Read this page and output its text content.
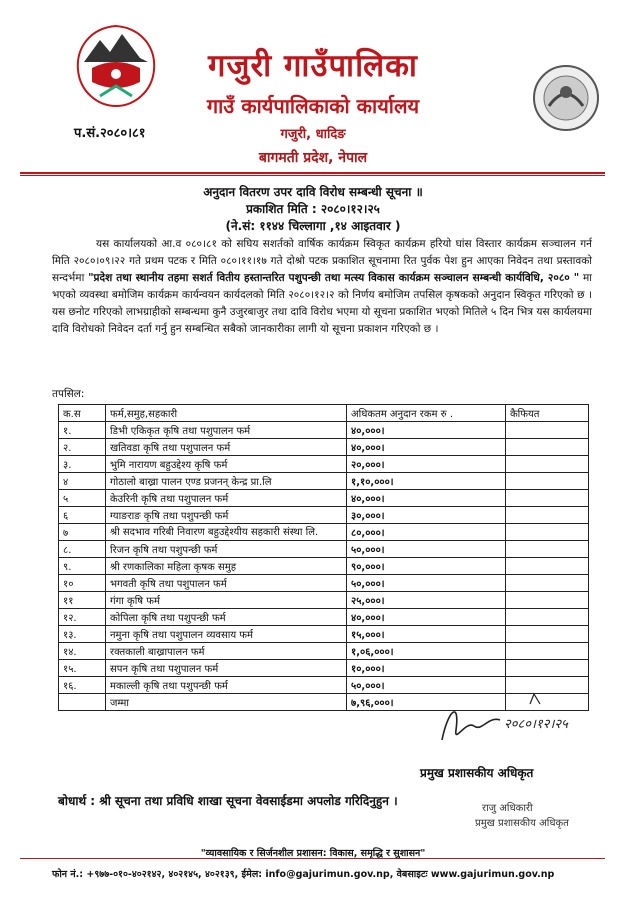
गजुरी गाउँपालिका
गाउँ कार्यपालिकाको कार्यालय
गजुरी, धादिङ
बागमती प्रदेश, नेपाल
प.सं.२०८०।८१
अनुदान वितरण उपर दावि विरोध सम्बन्धी सूचना ॥
प्रकाशित मिति : २०८०।१२।२५
(ने.सं: ११४४ चिल्लागा ,१४ आइतवार )
यस कार्यालयको आ.व ०८०।८१ को सघिय सशर्तको वार्षिक कार्यक्रम स्विकृत कार्यक्रम हरियो घांस विस्तार कार्यक्रम सञ्चालन गर्न मिति २०८०।०९।२२ गते प्रथम पटक र मिति ०८०।११।१७ गते दोश्रो पटक प्रकाशित सूचनामा रित पुर्वक पेश हुन आएका निवेदन तथा प्रस्तावको सन्दर्भमा "प्रदेश तथा स्थानीय तहमा सशर्त वितीय हस्तान्तरित पशुपन्छी तथा मत्स्य विकास कार्यक्रम सञ्चालन सम्बन्धी कार्यविधि, २०८० " मा भएको व्यवस्था बमोजिम कार्यक्रम कार्यन्वयन कार्यदलको मिति २०८०।१२।२ को निर्णय बमोजिम तपसिल कृषकको अनुदान स्विकृत गरिएको छ । यस छनोट गरिएको लाभग्राहीको सम्बन्धमा कुनै उजुरबाजुर तथा दावि विरोध भएमा यो सूचना प्रकाशित भएको मितिले ५ दिन भित्र यस कार्यलयमा दावि विरोधको निवेदन दर्ता गर्नु हुन सम्बन्धित सबैको जानकारीका लागी यो सूचना प्रकाशन गरिएको छ ।
तपसिल:
क.स	फर्म,समुह,सहकारी	अधिकतम अनुदान रकम रु .	कैफियत
१.	डिभी एकिकृत कृषि तथा पशुपालन फर्म	४०,०००।	
२.	खतिवडा कृषि तथा पशुपालन फर्म	४०,०००।	
३.	भुमि नारायण बहुउद्देश्य कृषि फर्म	२०,०००।	
४	गोठालो बाख्रा पालन एण्ड प्रजनन् केन्द्र प्रा.लि	१,१०,०००।	
५	केउरिनी कृषि तथा पशुपालन फर्म	४०,०००।	
६	ग्याङराङ कृषि तथा पशुपन्छी फर्म	३०,०००।	
७	श्री सदभाव गरिबी निवारण बहुउद्देश्यीय सहकारी संस्था लि.	८०,०००।	
८.	रिजन कृषि तथा पशुपन्छी फर्म	५०,०००।	
९.	श्री रणकालिका महिला कृषक समुह	९०,०००।	
१०	भगवती कृषि तथा पशुपालन फर्म	५०,०००।	
११	गंगा कृषि फर्म	२५,०००।	
१२.	कोपिला कृषि तथा पशुपन्छी फर्म	४०,०००।	
१३.	नमुना कृषि तथा पशुपालन व्यवसाय फर्म	१५,०००।	
१४.	रक्तकाली बाख्रापालन फर्म	१,०६,०००।	
१५.	सपन कृषि तथा पशुपालन फर्म	१०,०००।	
१६.	मकाल्ली कृषि तथा पशुपन्छी फर्म	५०,०००।	
	जम्मा	७,९६,०००।	
२०८०।१२।२५
प्रमुख प्रशासकीय अधिकृत
बोधार्थ : श्री सूचना तथा प्रविधि शाखा सूचना वेवसाईडमा अपलोड गरिदिनुहुन ।
राजु अधिकारी
प्रमुख प्रशासकीय अधिकृत
"व्यावसायिक र सिर्जनशील प्रशासन: विकास, समृद्धि र सुशासन"
फोन नं.: +९७७-०१०-४०२१४२, ४०२१४५, ४०२१३९, ईमेल: info@gajurimun.gov.np, वेबसाइटः www.gajurimun.gov.np
